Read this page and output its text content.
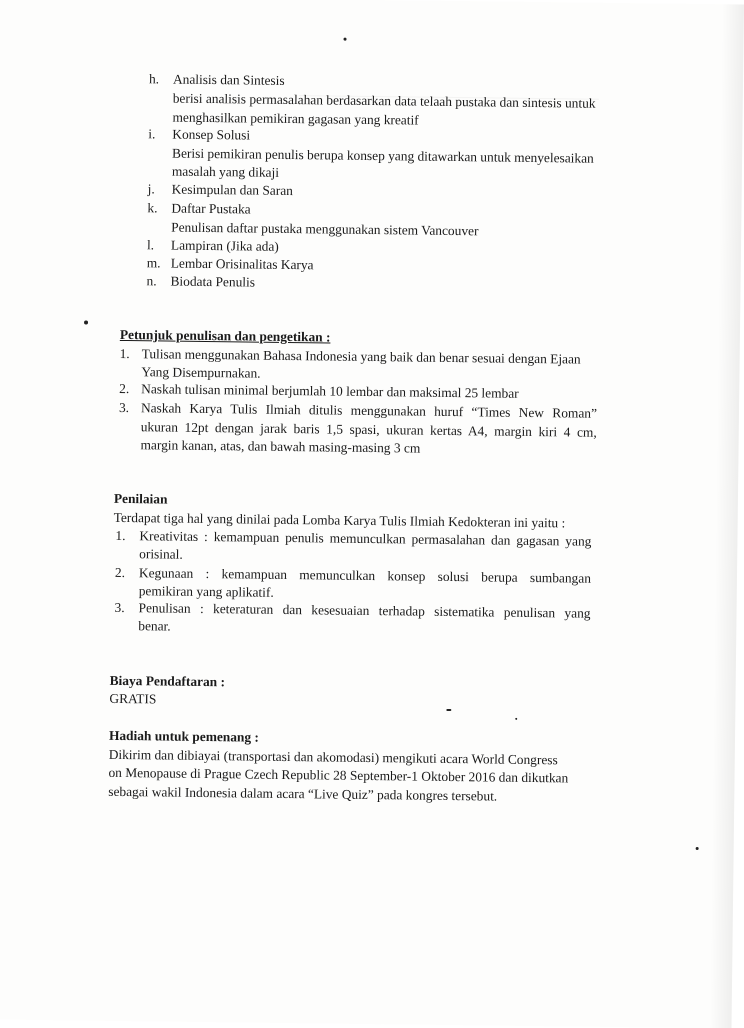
h. Analisis dan Sintesis
berisi analisis permasalahan berdasarkan data telaah pustaka dan sintesis untuk
menghasilkan pemikiran gagasan yang kreatif
i. Konsep Solusi
Berisi pemikiran penulis berupa konsep yang ditawarkan untuk menyelesaikan
masalah yang dikaji
j. Kesimpulan dan Saran
k. Daftar Pustaka
Penulisan daftar pustaka menggunakan sistem Vancouver
l. Lampiran (Jika ada)
m. Lembar Orisinalitas Karya
n. Biodata Penulis
Petunjuk penulisan dan pengetikan :
1. Tulisan menggunakan Bahasa Indonesia yang baik dan benar sesuai dengan Ejaan
Yang Disempurnakan.
2. Naskah tulisan minimal berjumlah 10 lembar dan maksimal 25 lembar
3. Naskah Karya Tulis Ilmiah ditulis menggunakan huruf “Times New Roman”
ukuran 12pt dengan jarak baris 1,5 spasi, ukuran kertas A4, margin kiri 4 cm,
margin kanan, atas, dan bawah masing-masing 3 cm
Penilaian
Terdapat tiga hal yang dinilai pada Lomba Karya Tulis Ilmiah Kedokteran ini yaitu :
1. Kreativitas : kemampuan penulis memunculkan permasalahan dan gagasan yang
orisinal.
2. Kegunaan : kemampuan memunculkan konsep solusi berupa sumbangan
pemikiran yang aplikatif.
3. Penulisan : keteraturan dan kesesuaian terhadap sistematika penulisan yang
benar.
Biaya Pendaftaran :
GRATIS
Hadiah untuk pemenang :
Dikirim dan dibiayai (transportasi dan akomodasi) mengikuti acara World Congress
on Menopause di Prague Czech Republic 28 September-1 Oktober 2016 dan dikutkan
sebagai wakil Indonesia dalam acara “Live Quiz” pada kongres tersebut.
